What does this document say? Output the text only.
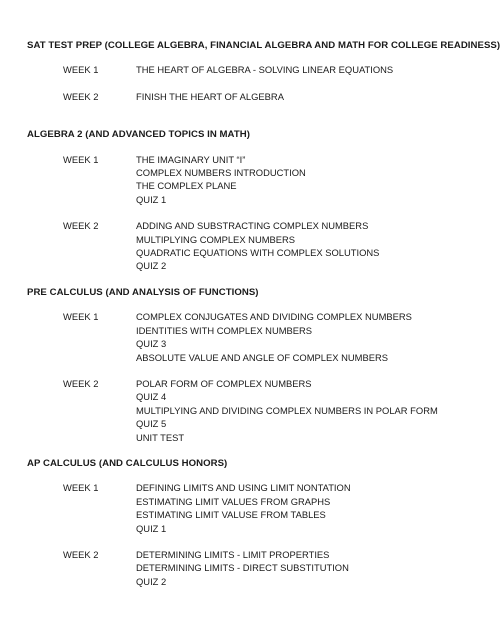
SAT TEST PREP (COLLEGE ALGEBRA, FINANCIAL ALGEBRA AND MATH FOR COLLEGE READINESS)
WEEK 1	THE HEART OF ALGEBRA - SOLVING LINEAR EQUATIONS
WEEK 2	FINISH THE HEART OF ALGEBRA
ALGEBRA 2 (AND ADVANCED TOPICS IN MATH)
WEEK 1	THE IMAGINARY UNIT “I”
COMPLEX NUMBERS INTRODUCTION
THE COMPLEX PLANE
QUIZ 1
WEEK 2	ADDING AND SUBSTRACTING COMPLEX NUMBERS
MULTIPLYING COMPLEX NUMBERS
QUADRATIC EQUATIONS WITH COMPLEX SOLUTIONS
QUIZ 2
PRE CALCULUS (AND ANALYSIS OF FUNCTIONS)
WEEK 1	COMPLEX CONJUGATES AND DIVIDING COMPLEX NUMBERS
IDENTITIES WITH COMPLEX NUMBERS
QUIZ 3
ABSOLUTE VALUE AND ANGLE OF COMPLEX NUMBERS
WEEK 2	POLAR FORM OF COMPLEX NUMBERS
QUIZ 4
MULTIPLYING AND DIVIDING COMPLEX NUMBERS IN POLAR FORM
QUIZ 5
UNIT TEST
AP CALCULUS (AND CALCULUS HONORS)
WEEK 1	DEFINING LIMITS AND USING LIMIT NONTATION
ESTIMATING LIMIT VALUES FROM GRAPHS
ESTIMATING LIMIT VALUSE FROM TABLES
QUIZ 1
WEEK 2	DETERMINING LIMITS - LIMIT PROPERTIES
DETERMINING LIMITS - DIRECT SUBSTITUTION
QUIZ 2
